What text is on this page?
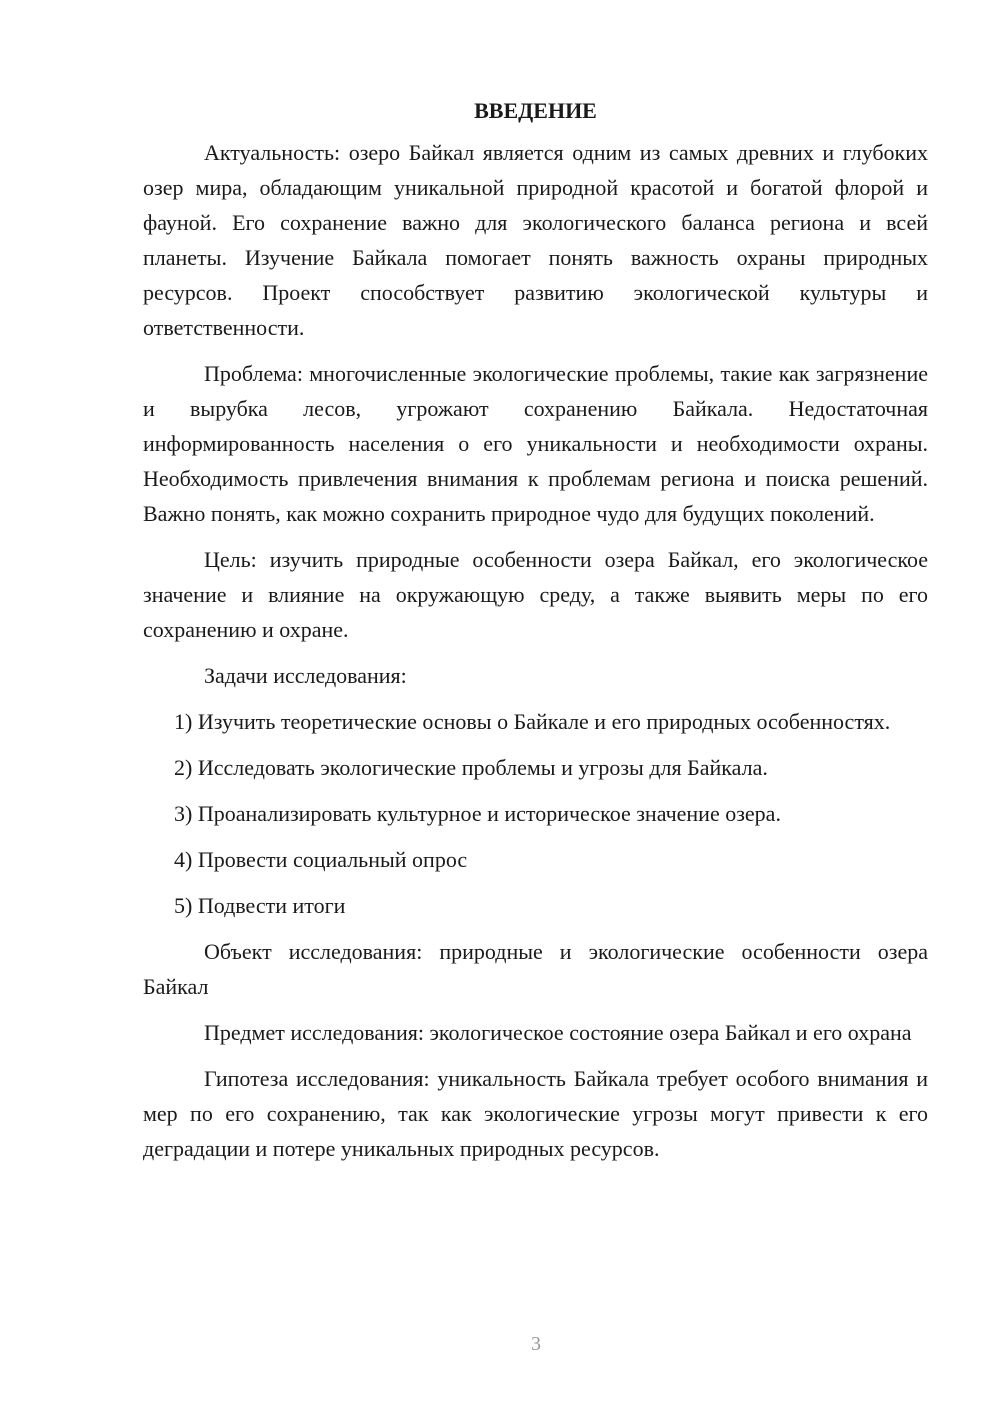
ВВЕДЕНИЕ

Актуальность: озеро Байкал является одним из самых древних и глубоких озер мира, обладающим уникальной природной красотой и богатой флорой и фауной. Его сохранение важно для экологического баланса региона и всей планеты. Изучение Байкала помогает понять важность охраны природных ресурсов. Проект способствует развитию экологической культуры и ответственности.

Проблема: многочисленные экологические проблемы, такие как загрязнение и вырубка лесов, угрожают сохранению Байкала. Недостаточная информированность населения о его уникальности и необходимости охраны. Необходимость привлечения внимания к проблемам региона и поиска решений. Важно понять, как можно сохранить природное чудо для будущих поколений.

Цель: изучить природные особенности озера Байкал, его экологическое значение и влияние на окружающую среду, а также выявить меры по его сохранению и охране.

Задачи исследования:

1) Изучить теоретические основы о Байкале и его природных особенностях.

2) Исследовать экологические проблемы и угрозы для Байкала.

3) Проанализировать культурное и историческое значение озера.

4) Провести социальный опрос

5) Подвести итоги

Объект исследования: природные и экологические особенности озера Байкал

Предмет исследования: экологическое состояние озера Байкал и его охрана

Гипотеза исследования: уникальность Байкала требует особого внимания и мер по его сохранению, так как экологические угрозы могут привести к его деградации и потере уникальных природных ресурсов.

3
